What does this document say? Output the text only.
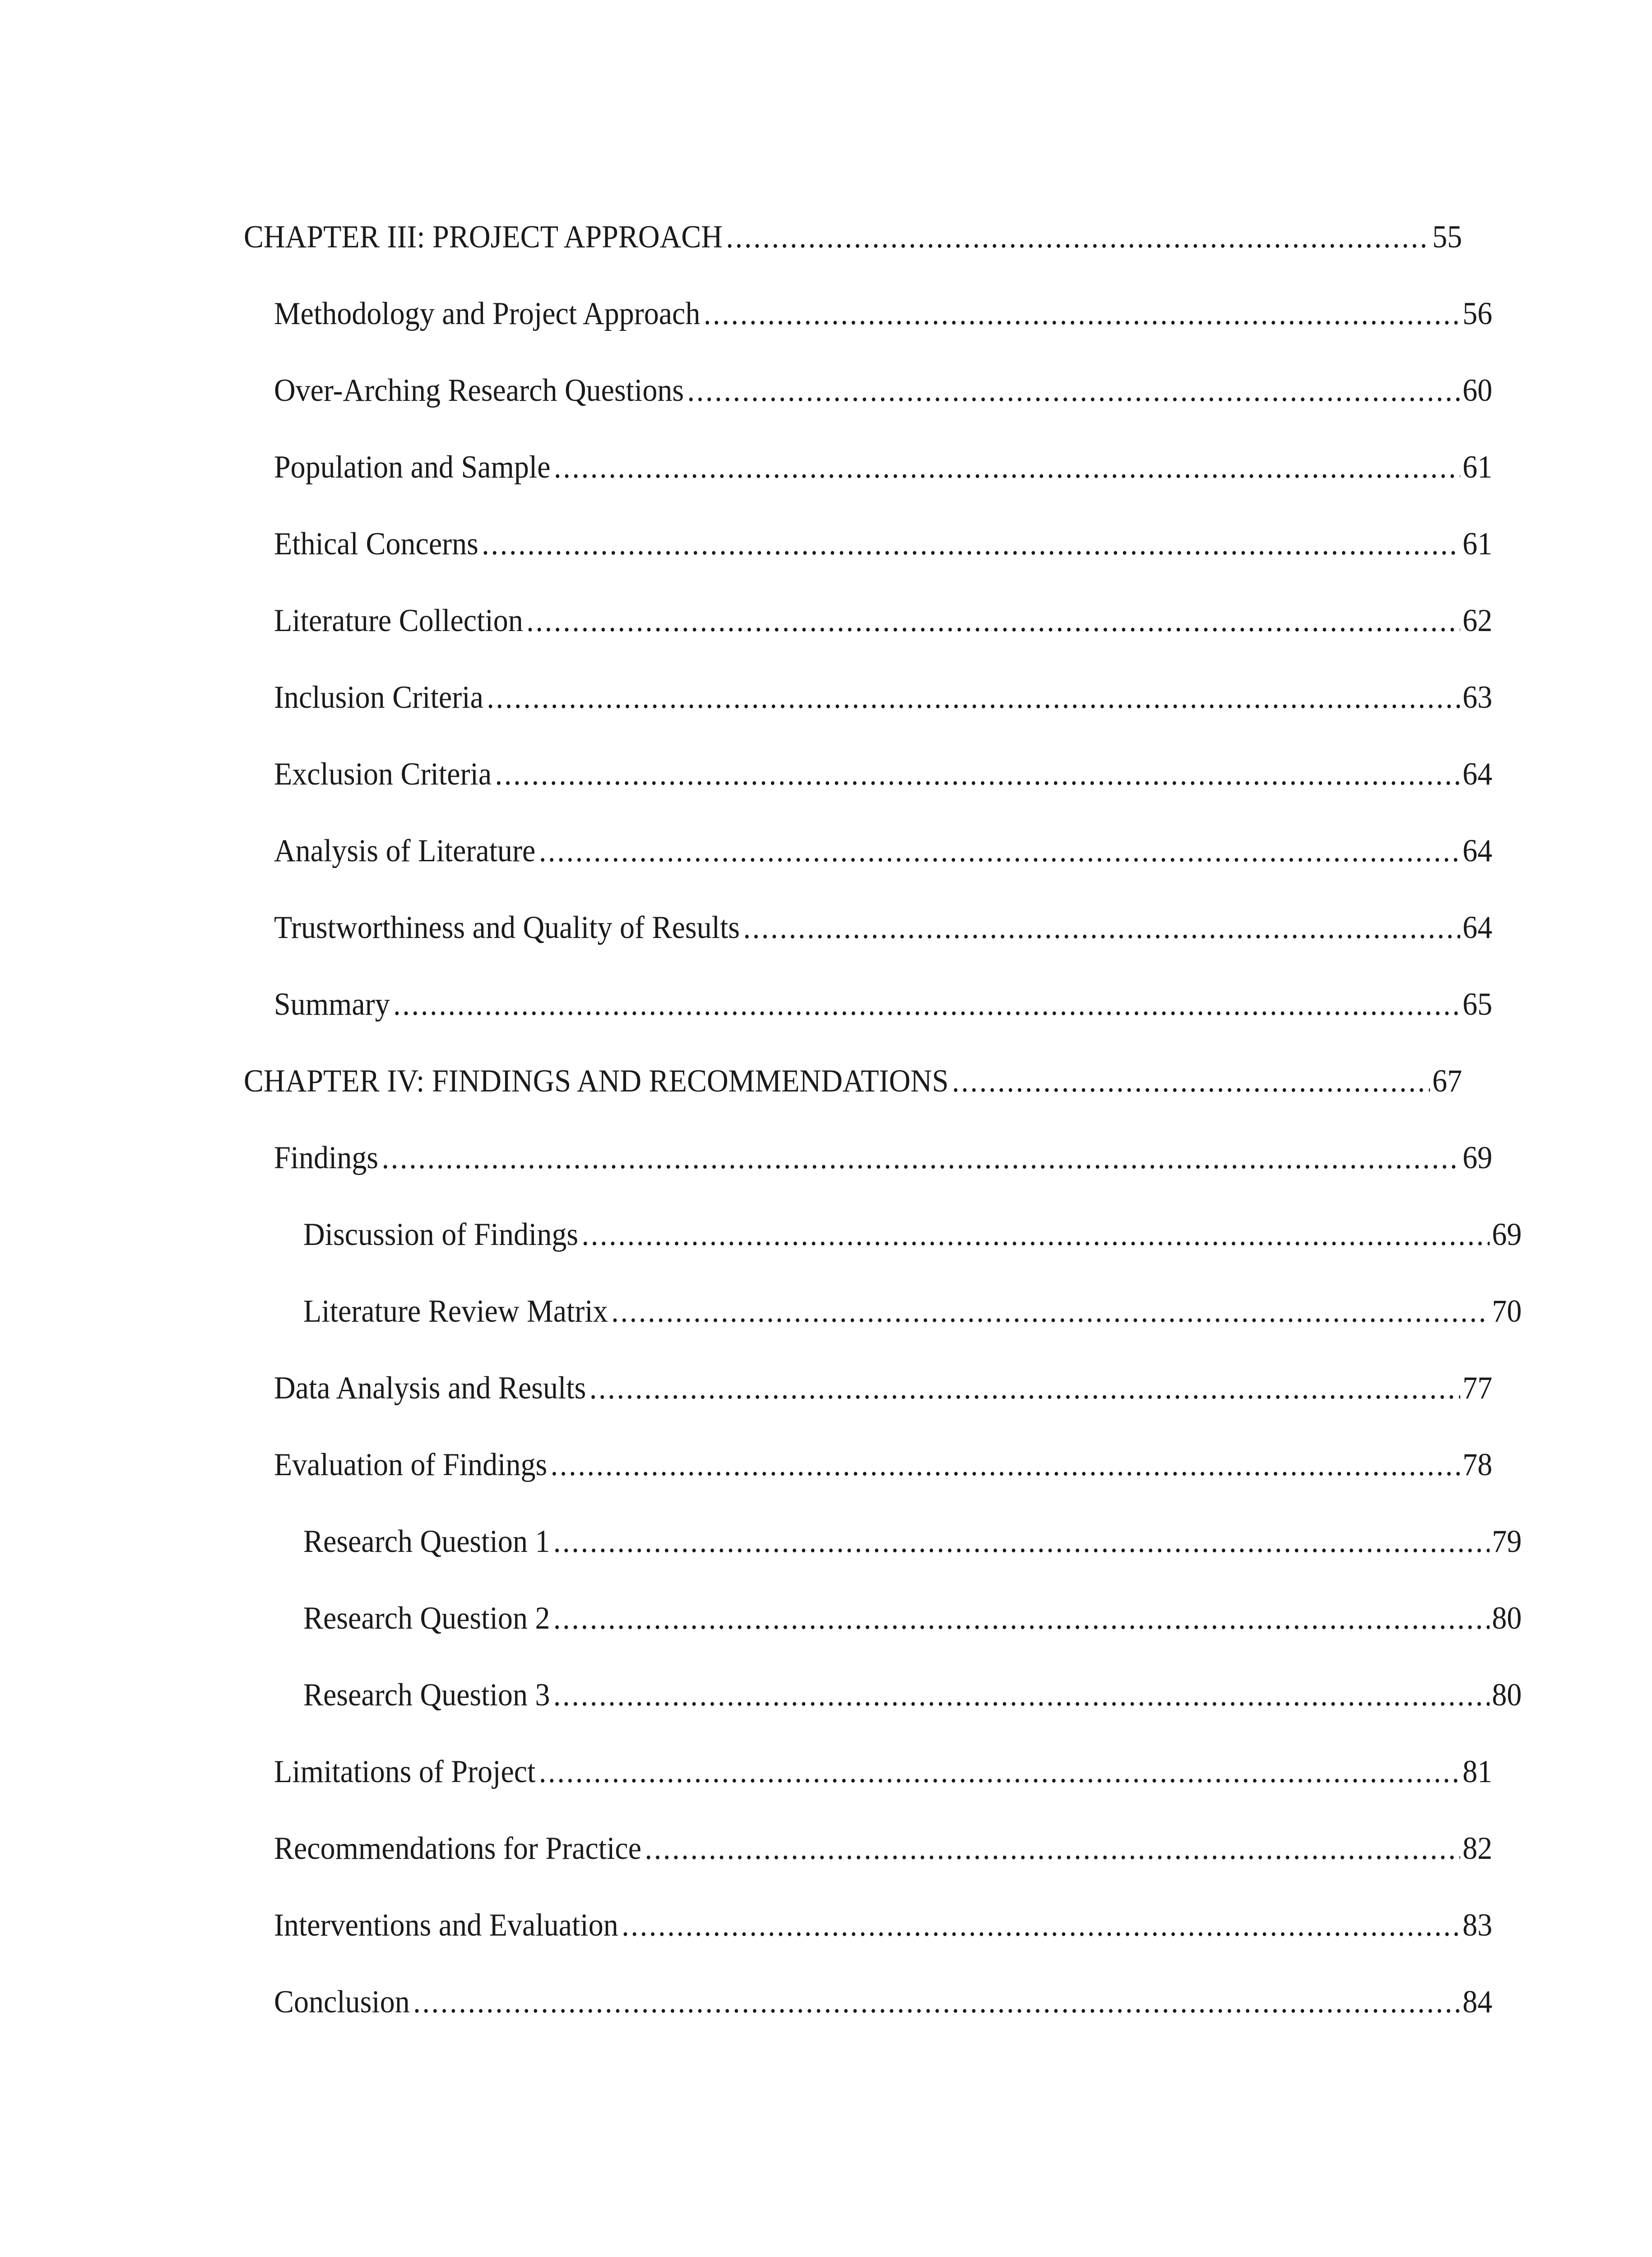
CHAPTER III: PROJECT APPROACH .....	55
Methodology and Project Approach .....	56
Over-Arching Research Questions .....	60
Population and Sample .....	61
Ethical Concerns .....	61
Literature Collection .....	62
Inclusion Criteria .....	63
Exclusion Criteria .....	64
Analysis of Literature .....	64
Trustworthiness and Quality of Results .....	64
Summary .....	65
CHAPTER IV: FINDINGS AND RECOMMENDATIONS .....	67
Findings .....	69
Discussion of Findings .....	69
Literature Review Matrix .....	70
Data Analysis and Results .....	77
Evaluation of Findings .....	78
Research Question 1 .....	79
Research Question 2 .....	80
Research Question 3 .....	80
Limitations of Project .....	81
Recommendations for Practice .....	82
Interventions and Evaluation .....	83
Conclusion .....	84
